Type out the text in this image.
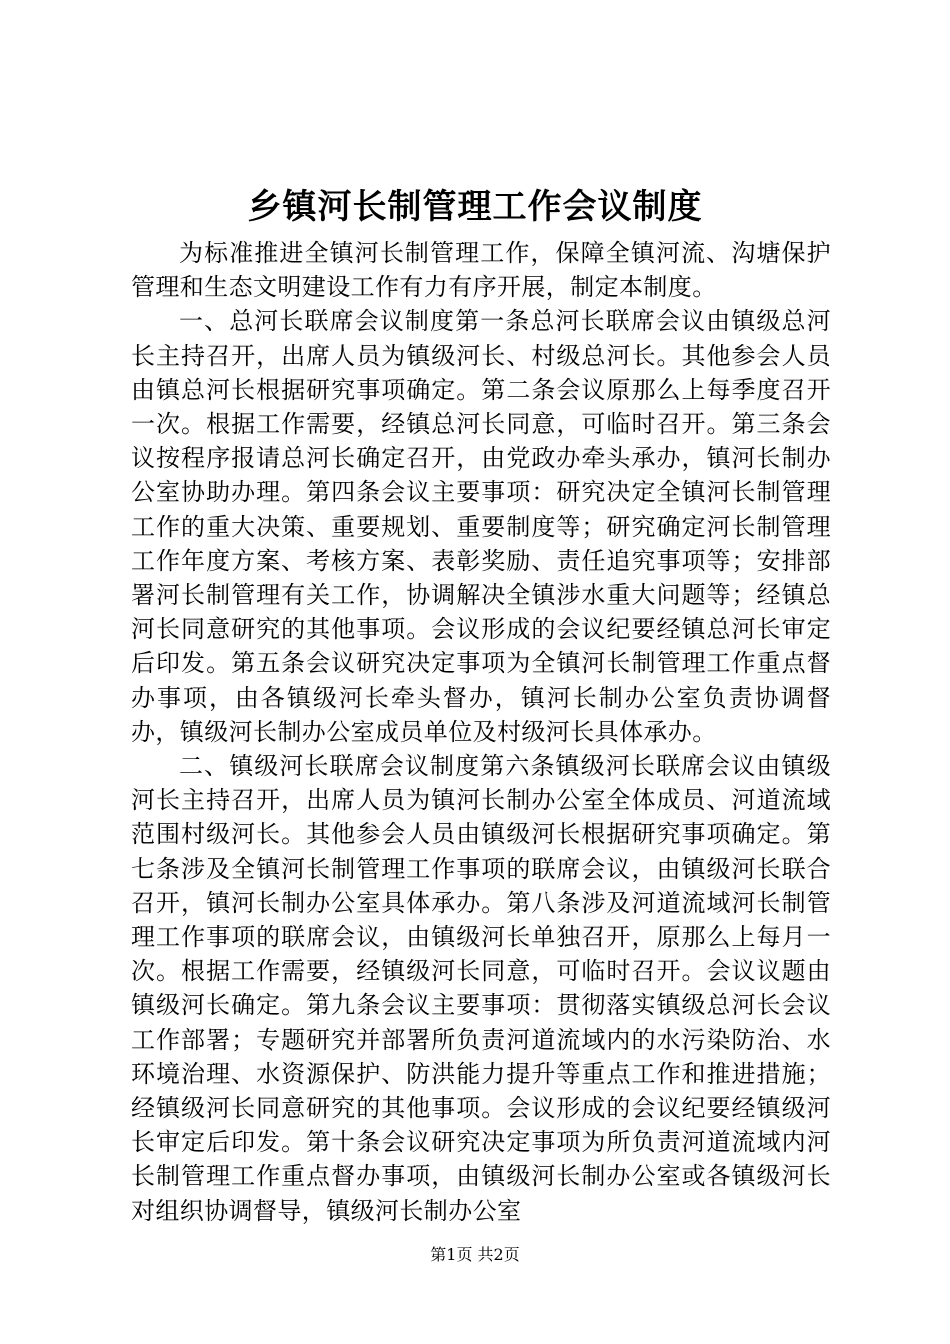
乡镇河长制管理工作会议制度

为标准推进全镇河长制管理工作，保障全镇河流、沟塘保护管理和生态文明建设工作有力有序开展，制定本制度。

一、总河长联席会议制度第一条总河长联席会议由镇级总河长主持召开，出席人员为镇级河长、村级总河长。其他参会人员由镇总河长根据研究事项确定。第二条会议原那么上每季度召开一次。根据工作需要，经镇总河长同意，可临时召开。第三条会议按程序报请总河长确定召开，由党政办牵头承办，镇河长制办公室协助办理。第四条会议主要事项：研究决定全镇河长制管理工作的重大决策、重要规划、重要制度等；研究确定河长制管理工作年度方案、考核方案、表彰奖励、责任追究事项等；安排部署河长制管理有关工作，协调解决全镇涉水重大问题等；经镇总河长同意研究的其他事项。会议形成的会议纪要经镇总河长审定后印发。第五条会议研究决定事项为全镇河长制管理工作重点督办事项，由各镇级河长牵头督办，镇河长制办公室负责协调督办，镇级河长制办公室成员单位及村级河长具体承办。

二、镇级河长联席会议制度第六条镇级河长联席会议由镇级河长主持召开，出席人员为镇河长制办公室全体成员、河道流域范围村级河长。其他参会人员由镇级河长根据研究事项确定。第七条涉及全镇河长制管理工作事项的联席会议，由镇级河长联合召开，镇河长制办公室具体承办。第八条涉及河道流域河长制管理工作事项的联席会议，由镇级河长单独召开，原那么上每月一次。根据工作需要，经镇级河长同意，可临时召开。会议议题由镇级河长确定。第九条会议主要事项：贯彻落实镇级总河长会议工作部署；专题研究并部署所负责河道流域内的水污染防治、水环境治理、水资源保护、防洪能力提升等重点工作和推进措施；经镇级河长同意研究的其他事项。会议形成的会议纪要经镇级河长审定后印发。第十条会议研究决定事项为所负责河道流域内河长制管理工作重点督办事项，由镇级河长制办公室或各镇级河长对组织协调督导，镇级河长制办公室

第1页 共2页
